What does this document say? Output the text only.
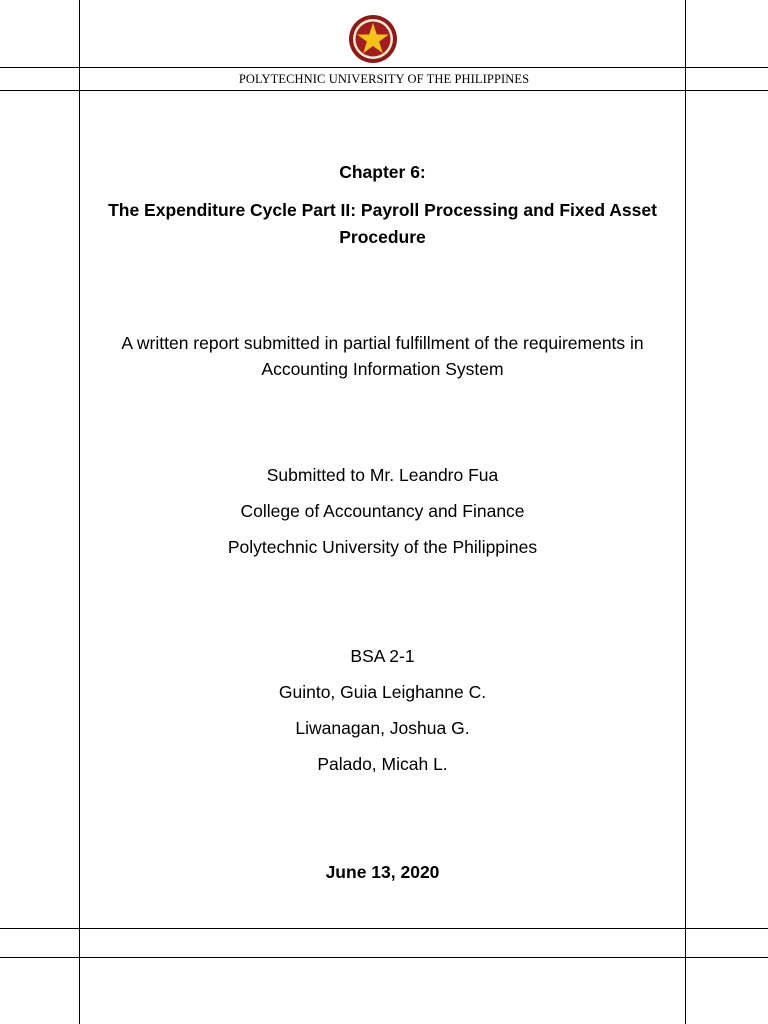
POLYTECHNIC UNIVERSITY OF THE PHILIPPINES
Chapter 6:
The Expenditure Cycle Part II: Payroll Processing and Fixed Asset Procedure
A written report submitted in partial fulfillment of the requirements in Accounting Information System
Submitted to Mr. Leandro Fua
College of Accountancy and Finance
Polytechnic University of the Philippines
BSA 2-1
Guinto, Guia Leighanne C.
Liwanagan, Joshua G.
Palado, Micah L.
June 13, 2020
